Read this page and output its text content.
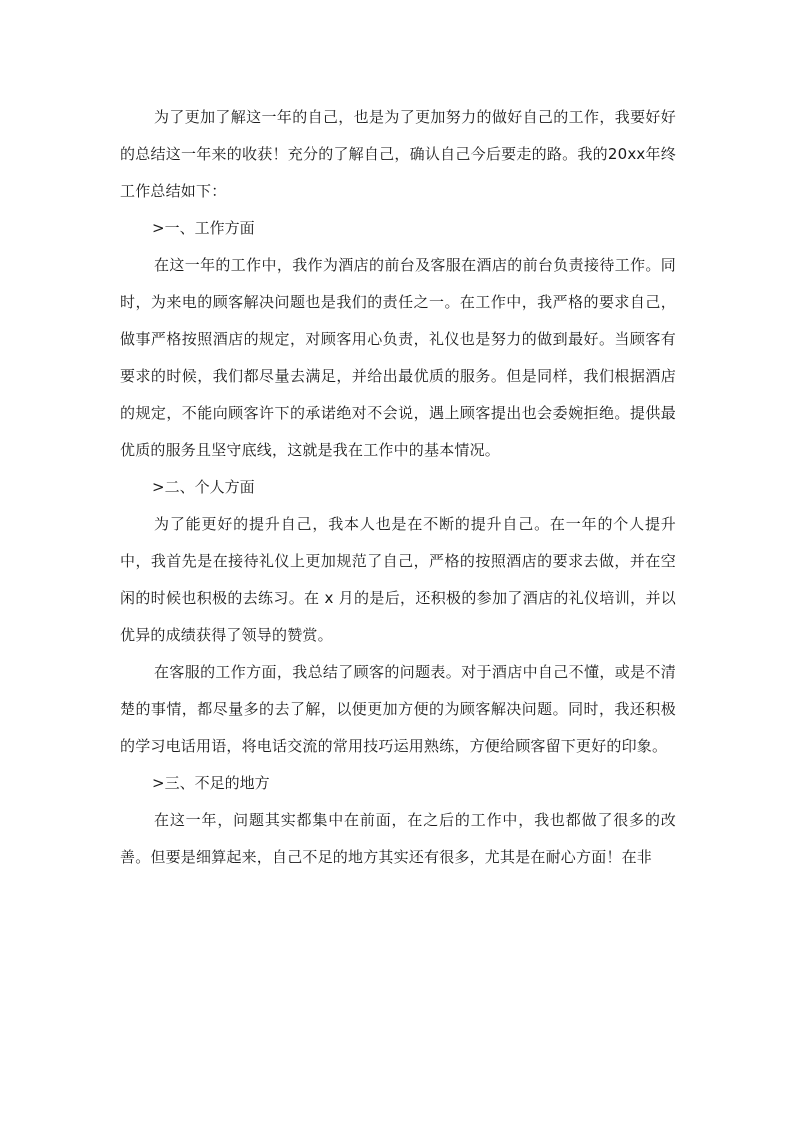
为了更加了解这一年的自己，也是为了更加努力的做好自己的工作，我要好好的总结这一年来的收获！充分的了解自己，确认自己今后要走的路。我的20xx年终工作总结如下：

>一、工作方面

在这一年的工作中，我作为酒店的前台及客服在酒店的前台负责接待工作。同时，为来电的顾客解决问题也是我们的责任之一。在工作中，我严格的要求自己，做事严格按照酒店的规定，对顾客用心负责，礼仪也是努力的做到最好。当顾客有要求的时候，我们都尽量去满足，并给出最优质的服务。但是同样，我们根据酒店的规定，不能向顾客许下的承诺绝对不会说，遇上顾客提出也会委婉拒绝。提供最优质的服务且坚守底线，这就是我在工作中的基本情况。

>二、个人方面

为了能更好的提升自己，我本人也是在不断的提升自己。在一年的个人提升中，我首先是在接待礼仪上更加规范了自己，严格的按照酒店的要求去做，并在空闲的时候也积极的去练习。在 x 月的是后，还积极的参加了酒店的礼仪培训，并以优异的成绩获得了领导的赞赏。

在客服的工作方面，我总结了顾客的问题表。对于酒店中自己不懂，或是不清楚的事情，都尽量多的去了解，以便更加方便的为顾客解决问题。同时，我还积极的学习电话用语，将电话交流的常用技巧运用熟练，方便给顾客留下更好的印象。

>三、不足的地方

在这一年，问题其实都集中在前面，在之后的工作中，我也都做了很多的改善。但要是细算起来，自己不足的地方其实还有很多，尤其是在耐心方面！在非
